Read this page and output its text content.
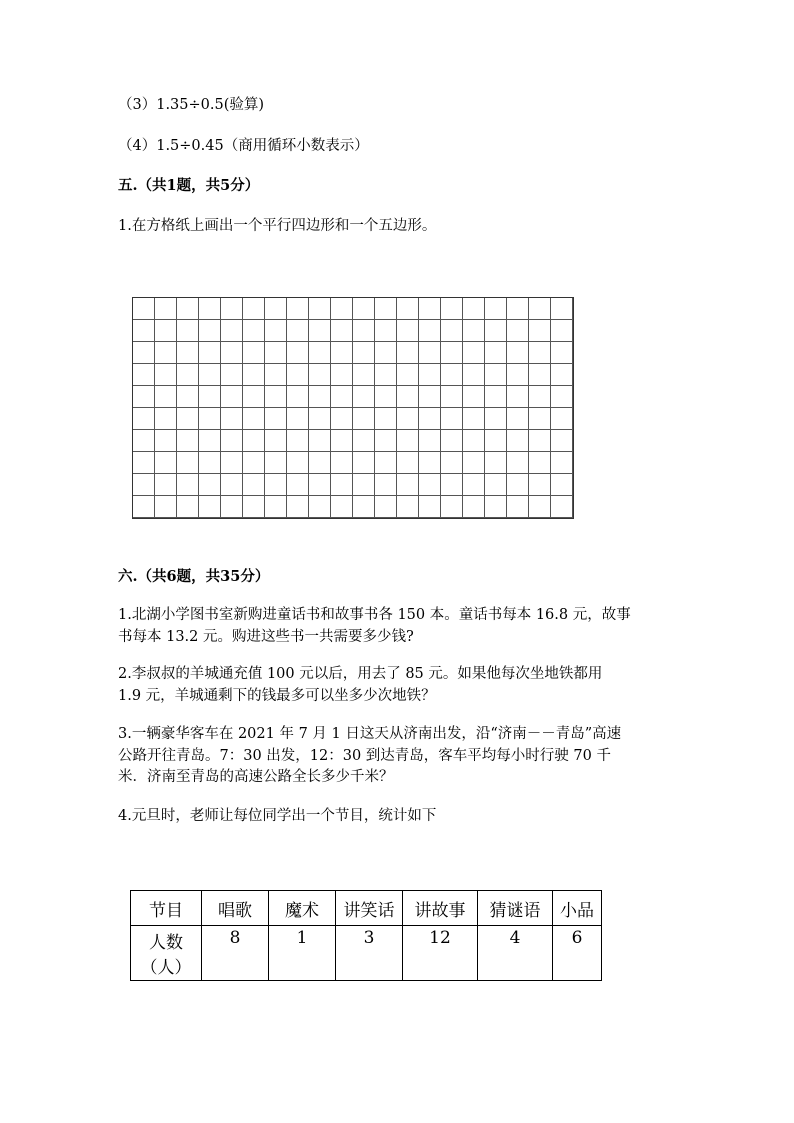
（3）1.35÷0.5(验算)
（4）1.5÷0.45（商用循环小数表示）
五.（共1题，共5分）
1.在方格纸上画出一个平行四边形和一个五边形。
六.（共6题，共35分）
1.北湖小学图书室新购进童话书和故事书各 150 本。童话书每本 16.8 元，故事
书每本 13.2 元。购进这些书一共需要多少钱?
2.李叔叔的羊城通充值 100 元以后，用去了 85 元。如果他每次坐地铁都用
1.9 元，羊城通剩下的钱最多可以坐多少次地铁？
3.一辆豪华客车在 2021 年 7 月 1 日这天从济南出发，沿“济南－－青岛”高速
公路开往青岛。7：30 出发，12：30 到达青岛，客车平均每小时行驶 70 千
米．济南至青岛的高速公路全长多少千米？
4.元旦时，老师让每位同学出一个节目，统计如下
节目	唱歌	魔术	讲笑话	讲故事	猜谜语	小品

人数
（人）	8	1	3	12	4	6
